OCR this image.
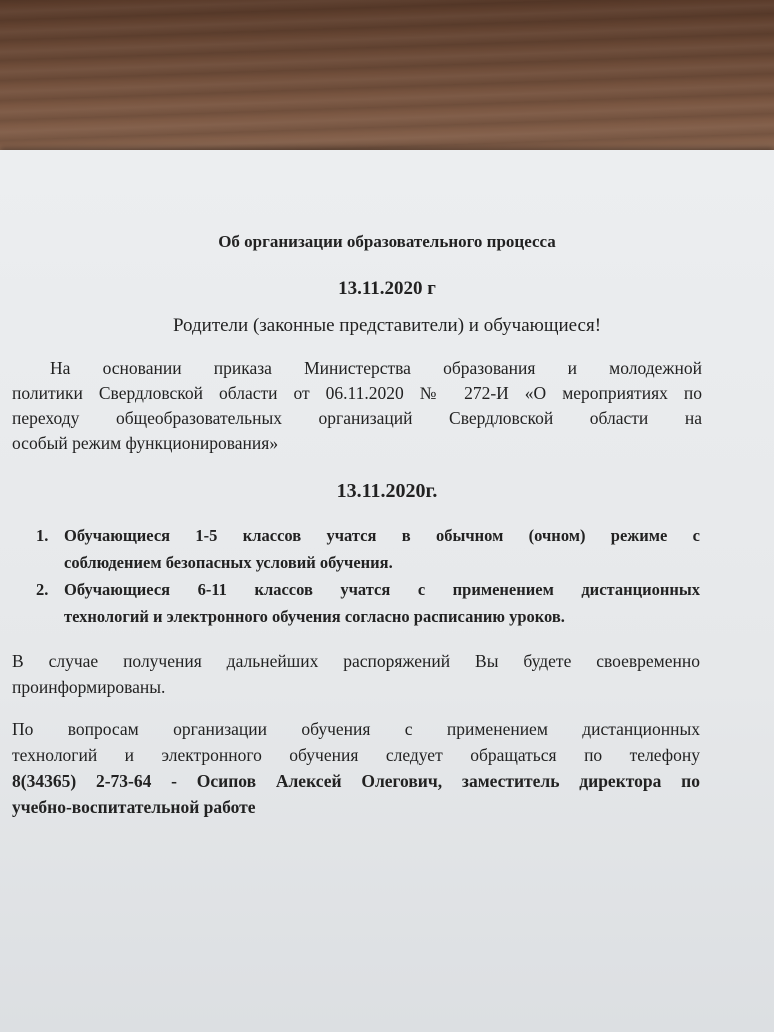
Об организации образовательного процесса
13.11.2020 г
Родители (законные представители) и обучающиеся!
На основании приказа Министерства образования и молодежной
политики Свердловской области от 06.11.2020 № 272-И «О мероприятиях по
переходу общеобразовательных организаций Свердловской области на
особый режим функционирования»
13.11.2020г.
1. Обучающиеся 1-5 классов учатся в обычном (очном) режиме с
соблюдением безопасных условий обучения.
2. Обучающиеся 6-11 классов учатся с применением дистанционных
технологий и электронного обучения согласно расписанию уроков.
В случае получения дальнейших распоряжений Вы будете своевременно
проинформированы.
По вопросам организации обучения с применением дистанционных
технологий и электронного обучения следует обращаться по телефону
8(34365) 2-73-64 - Осипов Алексей Олегович, заместитель директора по
учебно-воспитательной работе
